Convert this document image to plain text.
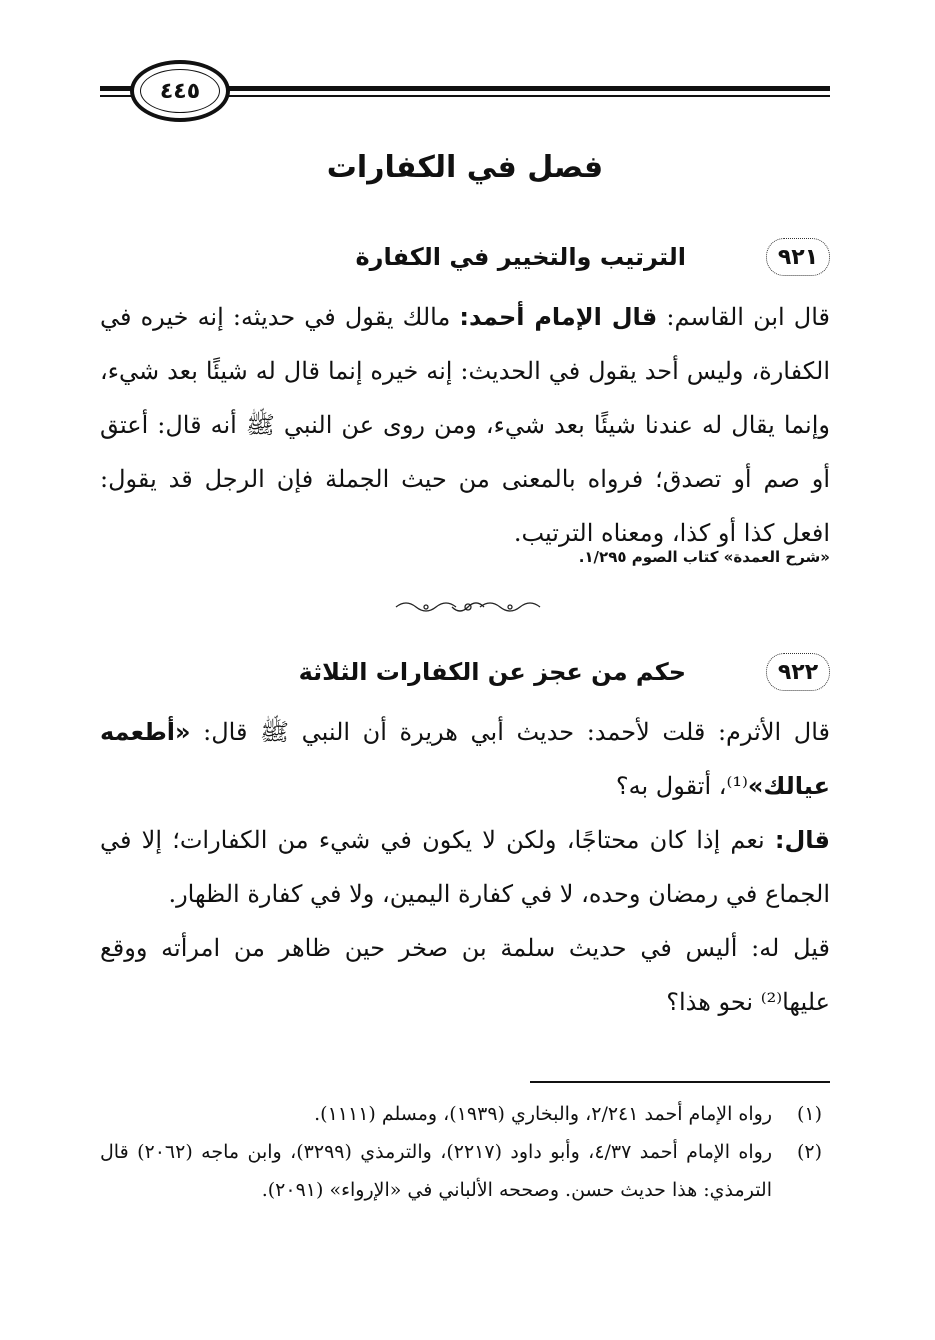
٤٤٥
فصل في الكفارات
٩٢١
الترتيب والتخيير في الكفارة

قال ابن القاسم: قال الإمام أحمد: مالك يقول في حديثه: إنه خيره في الكفارة، وليس أحد يقول في الحديث: إنه خيره إنما قال له شيئًا بعد شيء، وإنما يقال له عندنا شيئًا بعد شيء، ومن روى عن النبي ﷺ أنه قال: أعتق أو صم أو تصدق؛ فرواه بالمعنى من حيث الجملة فإن الرجل قد يقول: افعل كذا أو كذا، ومعناه الترتيب.

«شرح العمدة» كتاب الصوم ١/٢٩٥.

٩٢٢
حكم من عجز عن الكفارات الثلاثة

قال الأثرم: قلت لأحمد: حديث أبي هريرة أن النبي ﷺ قال: «أطعمه عيالك»⁽¹⁾، أتقول به؟

قال: نعم إذا كان محتاجًا، ولكن لا يكون في شيء من الكفارات؛ إلا في الجماع في رمضان وحده، لا في كفارة اليمين، ولا في كفارة الظهار.

قيل له: أليس في حديث سلمة بن صخر حين ظاهر من امرأته ووقع عليها⁽²⁾ نحو هذا؟

(١)
رواه الإمام أحمد ٢/٢٤١، والبخاري (١٩٣٩)، ومسلم (١١١١).
(٢)
رواه الإمام أحمد ٤/٣٧، وأبو داود (٢٢١٧)، والترمذي (٣٢٩٩)، وابن ماجه (٢٠٦٢) قال الترمذي: هذا حديث حسن. وصححه الألباني في «الإرواء» (٢٠٩١).
